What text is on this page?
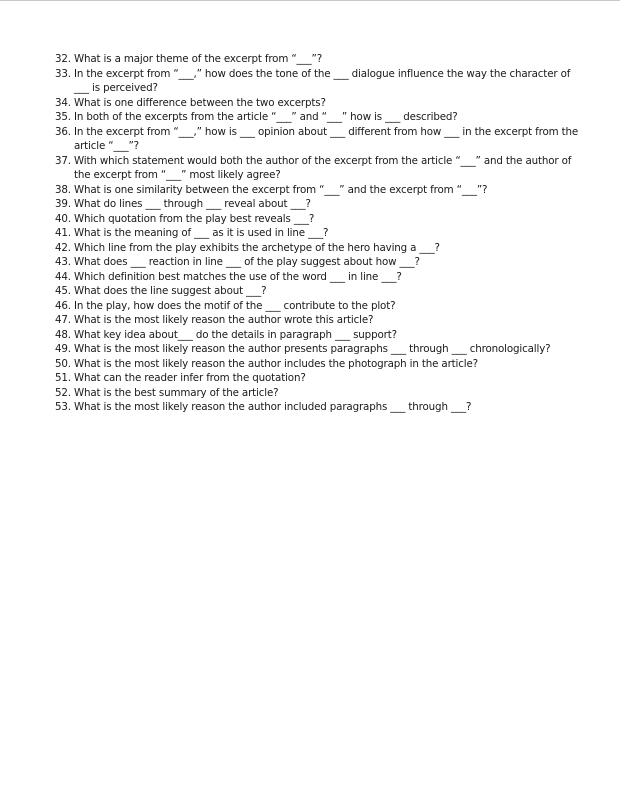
32. What is a major theme of the excerpt from “___”?
33. In the excerpt from “___,” how does the tone of the ___ dialogue influence the way the character of ___ is perceived?
34. What is one difference between the two excerpts?
35. In both of the excerpts from the article “___” and “___” how is ___ described?
36. In the excerpt from “___,” how is ___ opinion about ___ different from how ___ in the excerpt from the article “___”?
37. With which statement would both the author of the excerpt from the article “___” and the author of the excerpt from “___” most likely agree?
38. What is one similarity between the excerpt from “___” and the excerpt from “___”?
39. What do lines ___ through ___ reveal about ___?
40. Which quotation from the play best reveals ___?
41. What is the meaning of ___ as it is used in line ___?
42. Which line from the play exhibits the archetype of the hero having a ___?
43. What does ___ reaction in line ___ of the play suggest about how ___?
44. Which definition best matches the use of the word ___ in line ___?
45. What does the line suggest about ___?
46. In the play, how does the motif of the ___ contribute to the plot?
47. What is the most likely reason the author wrote this article?
48. What key idea about___ do the details in paragraph ___ support?
49. What is the most likely reason the author presents paragraphs ___ through ___ chronologically?
50. What is the most likely reason the author includes the photograph in the article?
51. What can the reader infer from the quotation?
52. What is the best summary of the article?
53. What is the most likely reason the author included paragraphs ___ through ___?
